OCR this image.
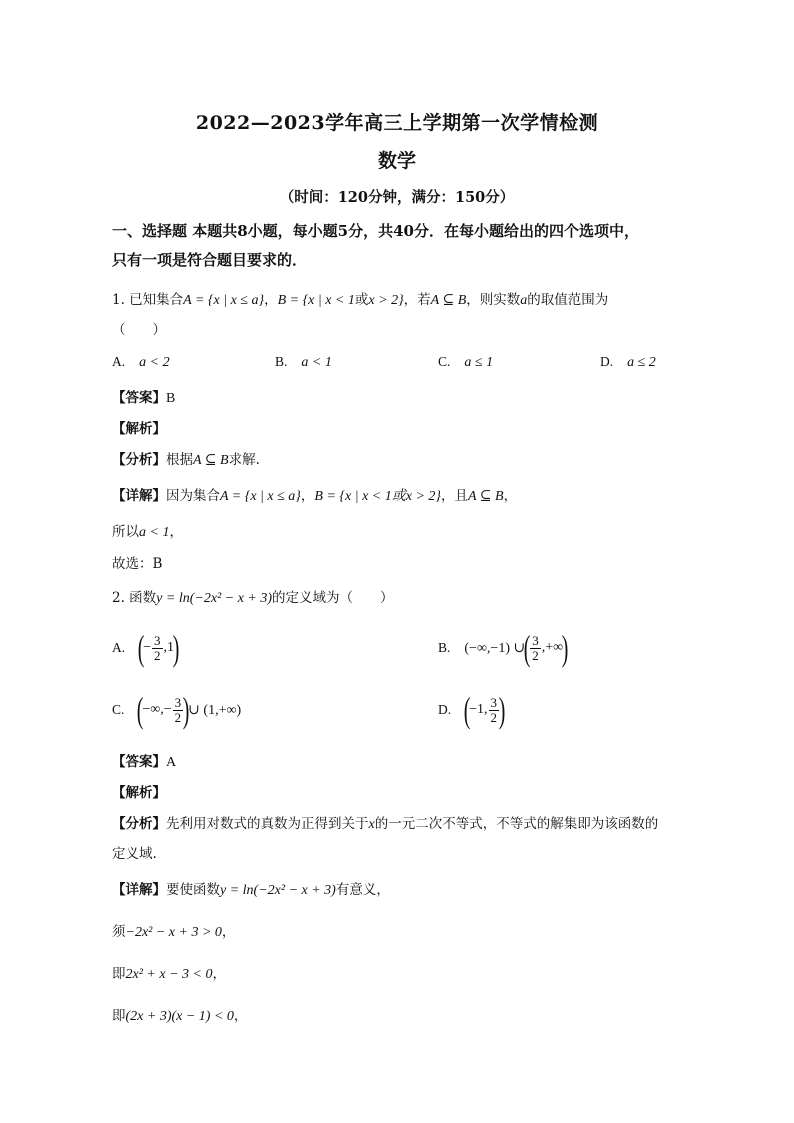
2022—2023学年高三上学期第一次学情检测
数学
（时间：120分钟，满分：150分）
一、选择题 本题共8小题，每小题5分，共40分．在每小题给出的四个选项中，
只有一项是符合题目要求的．
1. 已知集合A = {x | x ≤ a}，B = {x | x < 1或x > 2}，若A ⊆ B，则实数a的取值范围为
（　　）
A. a < 2	B. a < 1	C. a ≤ 1	D. a ≤ 2
【答案】B
【解析】
【分析】根据A ⊆ B求解.
【详解】因为集合A = {x | x ≤ a}，B = {x | x < 1或x > 2}，且A ⊆ B，
所以a < 1，
故选：B
2. 函数y = ln(−2x² − x + 3)的定义域为（　　）
A. (
− $\frac{3}{2} ,1$
)	B. (−∞,−1) ∪
( $\frac{3}{2}$ ,+∞
)
C. (
−∞,− $\frac{3}{2}$ )
∪ (1,+∞)	D. (
−1, $\frac{3}{2}$ )
【答案】A
【解析】
【分析】先利用对数式的真数为正得到关于x的一元二次不等式，不等式的解集即为该函数的
定义域.
【详解】要使函数y = ln(−2x² − x + 3)有意义，
须−2x² − x + 3 > 0，
即2x² + x − 3 < 0，
即(2x + 3)(x − 1) < 0，
